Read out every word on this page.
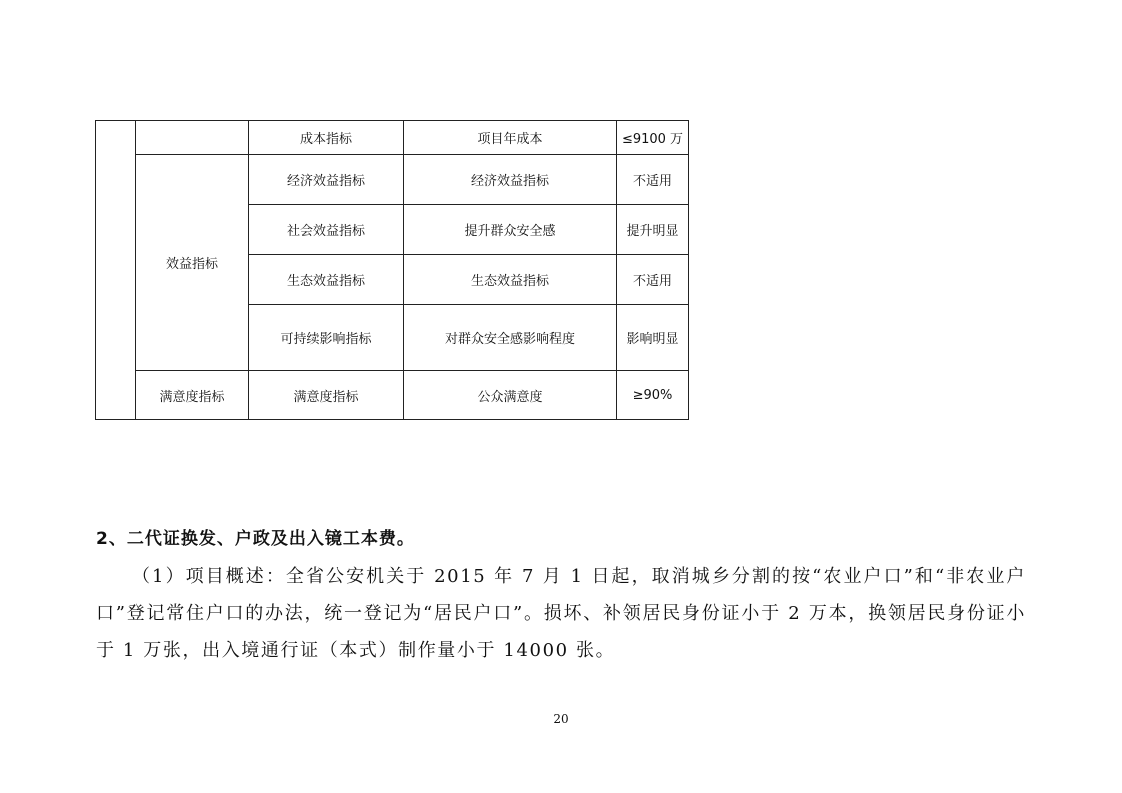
		成本指标	项目年成本	≤9100 万
	效益指标	经济效益指标	经济效益指标	不适用
		社会效益指标	提升群众安全感	提升明显
		生态效益指标	生态效益指标	不适用
		可持续影响指标	对群众安全感影响程度	影响明显
	满意度指标	满意度指标	公众满意度	≥90%
2、二代证换发、户政及出入镜工本费。
（1）项目概述：全省公安机关于 2015 年 7 月 1 日起，取消城乡分割的按“农业户口”和“非农业户口”登记常住户口的办法，统一登记为“居民户口”。损坏、补领居民身份证小于 2 万本，换领居民身份证小于 1 万张，出入境通行证（本式）制作量小于 14000 张。
20
